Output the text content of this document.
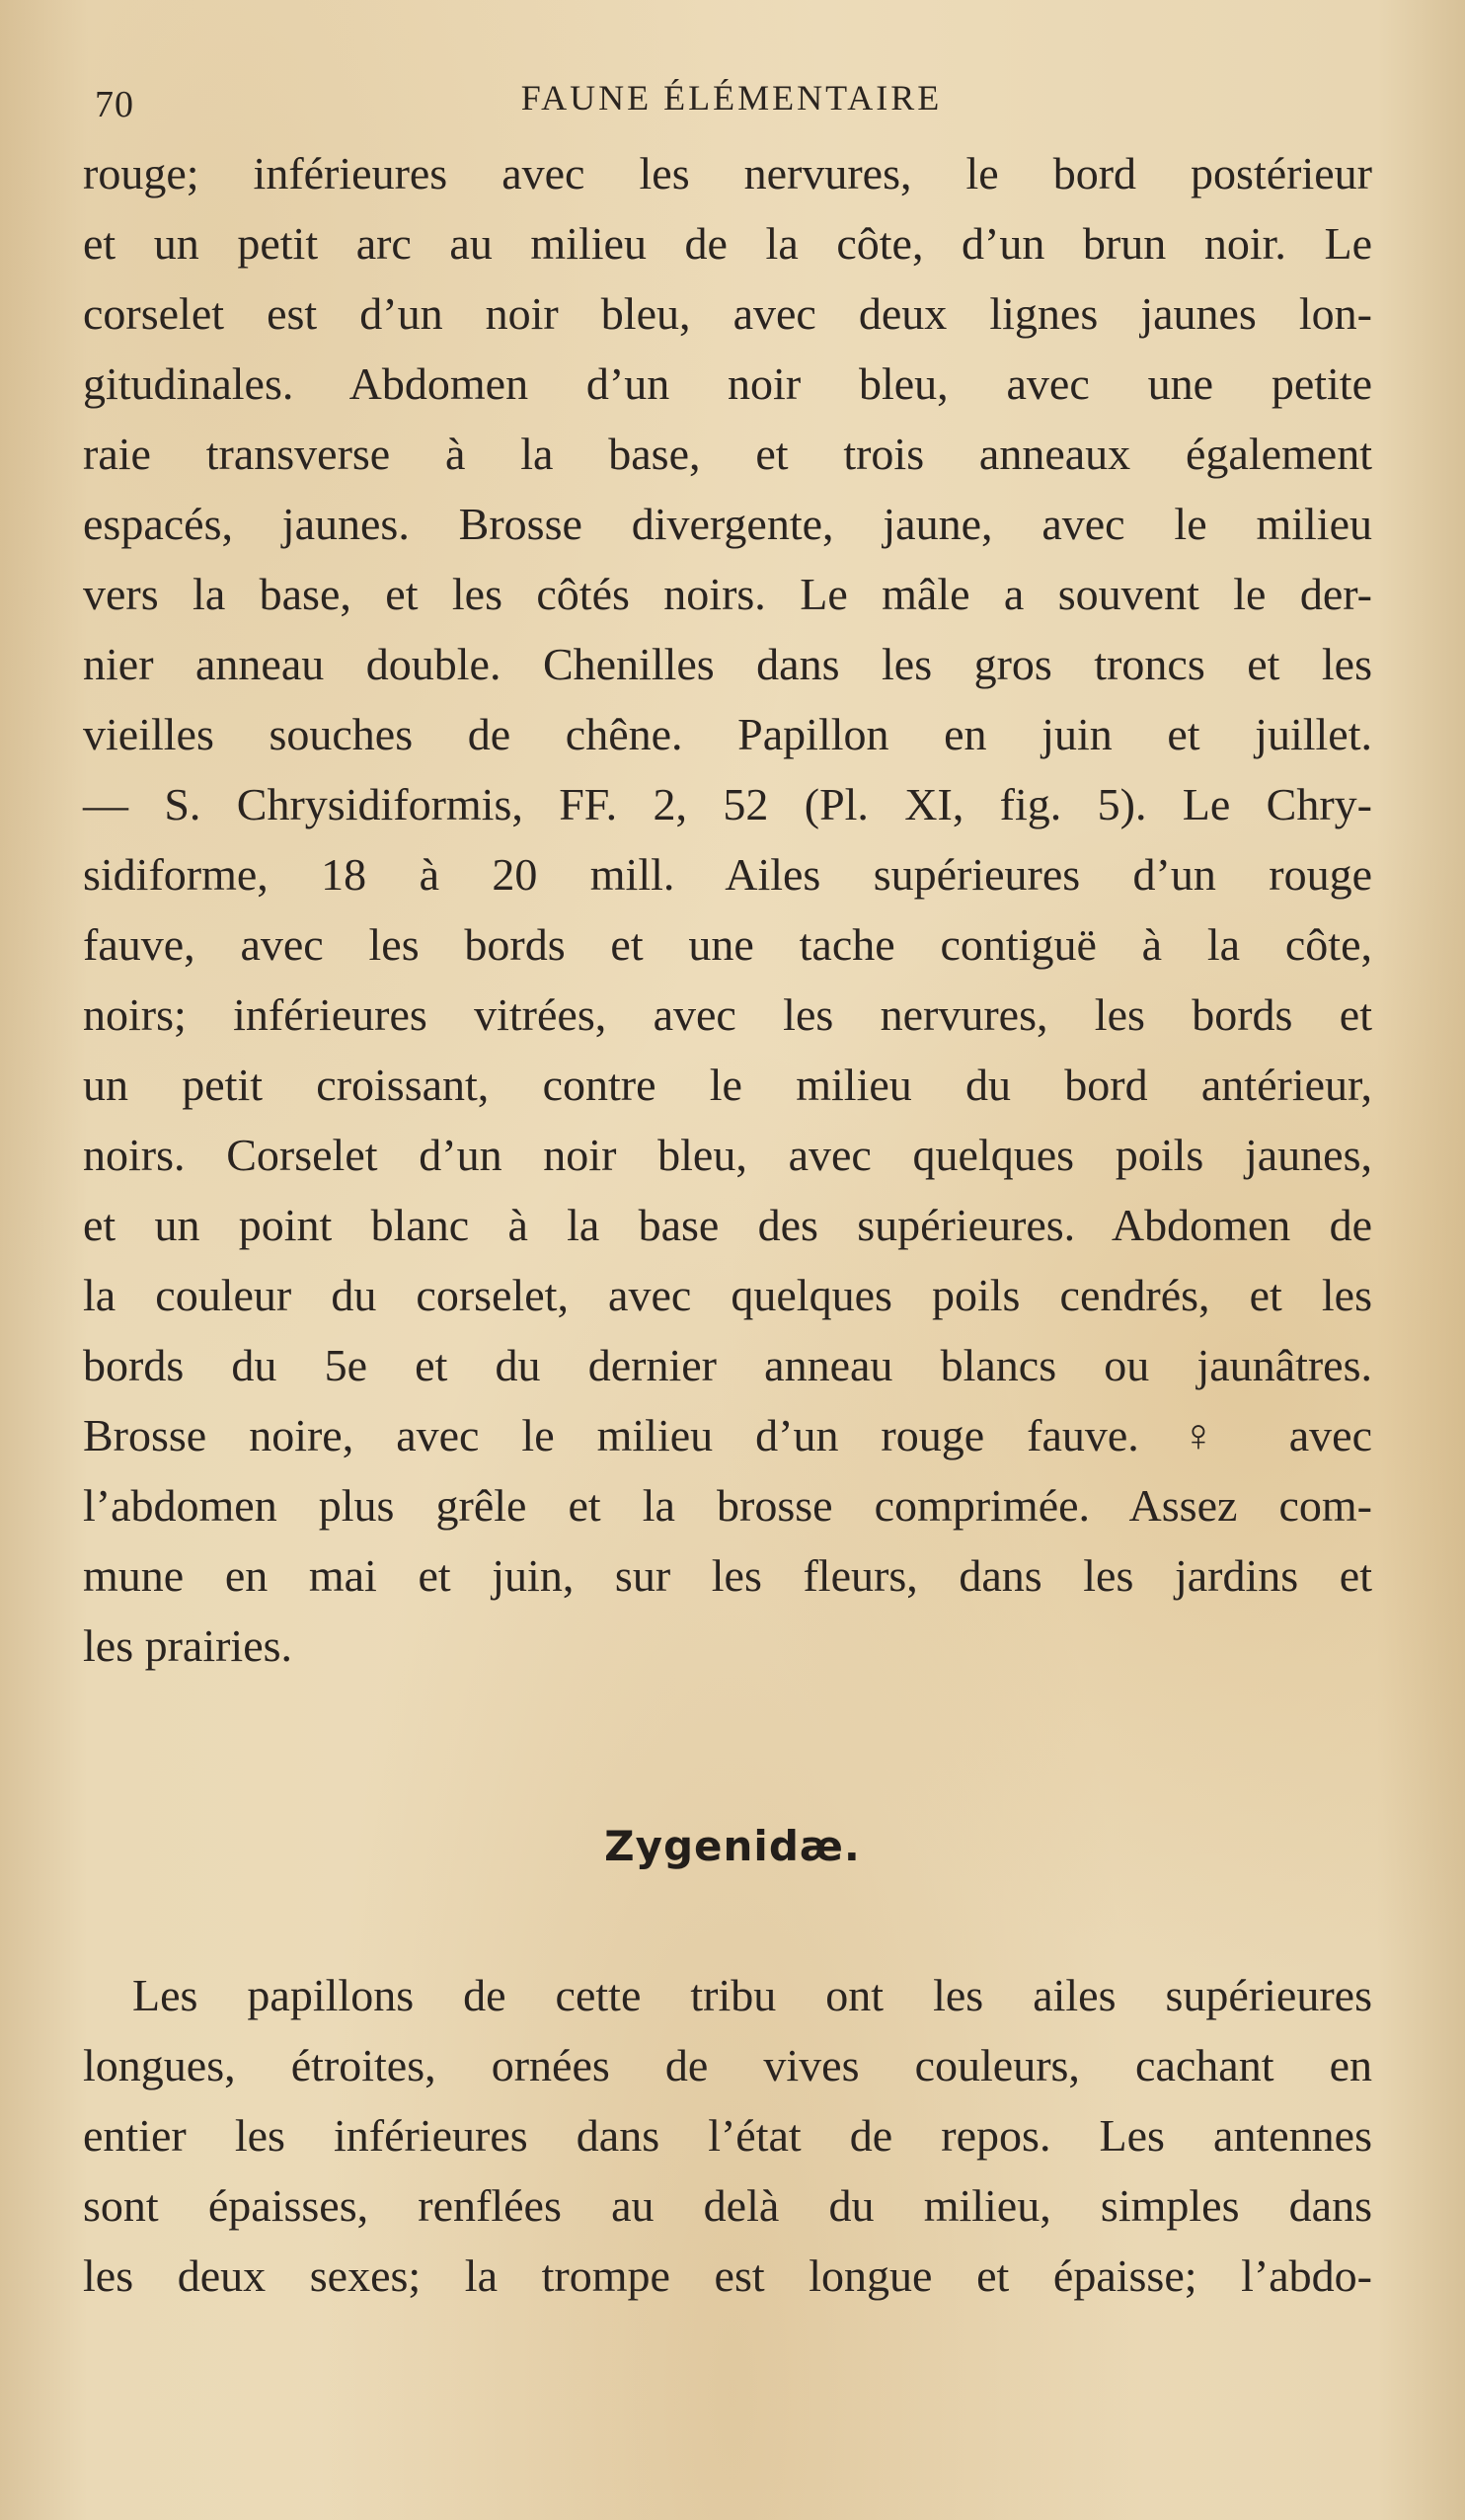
70	FAUNE ÉLÉMENTAIRE
rouge; inférieures avec les nervures, le bord postérieur
et un petit arc au milieu de la côte, d’un brun noir. Le
corselet est d’un noir bleu, avec deux lignes jaunes lon-
gitudinales. Abdomen d’un noir bleu, avec une petite
raie transverse à la base, et trois anneaux également
espacés, jaunes. Brosse divergente, jaune, avec le milieu
vers la base, et les côtés noirs. Le mâle a souvent le der-
nier anneau double. Chenilles dans les gros troncs et les
vieilles souches de chêne. Papillon en juin et juillet.
— S. Chrysidiformis, FF. 2, 52 (Pl. XI, fig. 5). Le Chry-
sidiforme, 18 à 20 mill. Ailes supérieures d’un rouge
fauve, avec les bords et une tache contiguë à la côte,
noirs; inférieures vitrées, avec les nervures, les bords et
un petit croissant, contre le milieu du bord antérieur,
noirs. Corselet d’un noir bleu, avec quelques poils jaunes,
et un point blanc à la base des supérieures. Abdomen de
la couleur du corselet, avec quelques poils cendrés, et les
bords du 5e et du dernier anneau blancs ou jaunâtres.
Brosse noire, avec le milieu d’un rouge fauve. ♀ avec
l’abdomen plus grêle et la brosse comprimée. Assez com-
mune en mai et juin, sur les fleurs, dans les jardins et
les prairies.
Zygenidæ.
Les papillons de cette tribu ont les ailes supérieures
longues, étroites, ornées de vives couleurs, cachant en
entier les inférieures dans l’état de repos. Les antennes
sont épaisses, renflées au delà du milieu, simples dans
les deux sexes; la trompe est longue et épaisse; l’abdo-
